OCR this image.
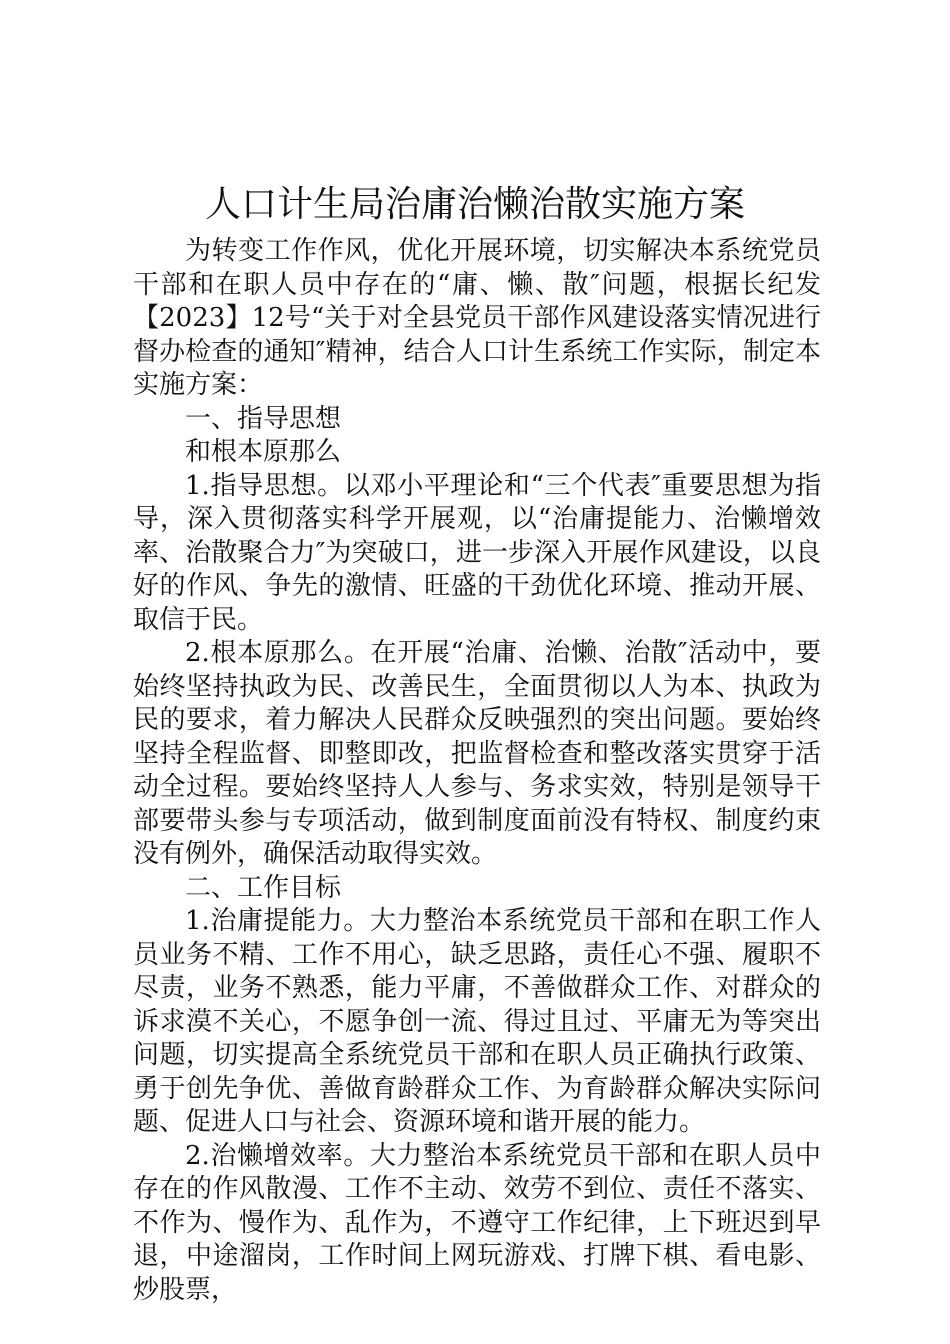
人口计生局治庸治懒治散实施方案

为转变工作作风，优化开展环境，切实解决本系统党员干部和在职人员中存在的“庸、懒、散″问题，根据长纪发【2023】12号“关于对全县党员干部作风建设落实情况进行督办检查的通知″精神，结合人口计生系统工作实际，制定本实施方案：

一、指导思想

和根本原那么

1.指导思想。以邓小平理论和“三个代表″重要思想为指导，深入贯彻落实科学开展观，以“治庸提能力、治懒增效率、治散聚合力″为突破口，进一步深入开展作风建设，以良好的作风、争先的激情、旺盛的干劲优化环境、推动开展、取信于民。

2.根本原那么。在开展“治庸、治懒、治散″活动中，要始终坚持执政为民、改善民生，全面贯彻以人为本、执政为民的要求，着力解决人民群众反映强烈的突出问题。要始终坚持全程监督、即整即改，把监督检查和整改落实贯穿于活动全过程。要始终坚持人人参与、务求实效，特别是领导干部要带头参与专项活动，做到制度面前没有特权、制度约束没有例外，确保活动取得实效。

二、工作目标

1.治庸提能力。大力整治本系统党员干部和在职工作人员业务不精、工作不用心，缺乏思路，责任心不强、履职不尽责，业务不熟悉，能力平庸，不善做群众工作、对群众的诉求漠不关心，不愿争创一流、得过且过、平庸无为等突出问题，切实提高全系统党员干部和在职人员正确执行政策、勇于创先争优、善做育龄群众工作、为育龄群众解决实际问题、促进人口与社会、资源环境和谐开展的能力。

2.治懒增效率。大力整治本系统党员干部和在职人员中存在的作风散漫、工作不主动、效劳不到位、责任不落实、不作为、慢作为、乱作为，不遵守工作纪律，上下班迟到早退，中途溜岗，工作时间上网玩游戏、打牌下棋、看电影、炒股票，
